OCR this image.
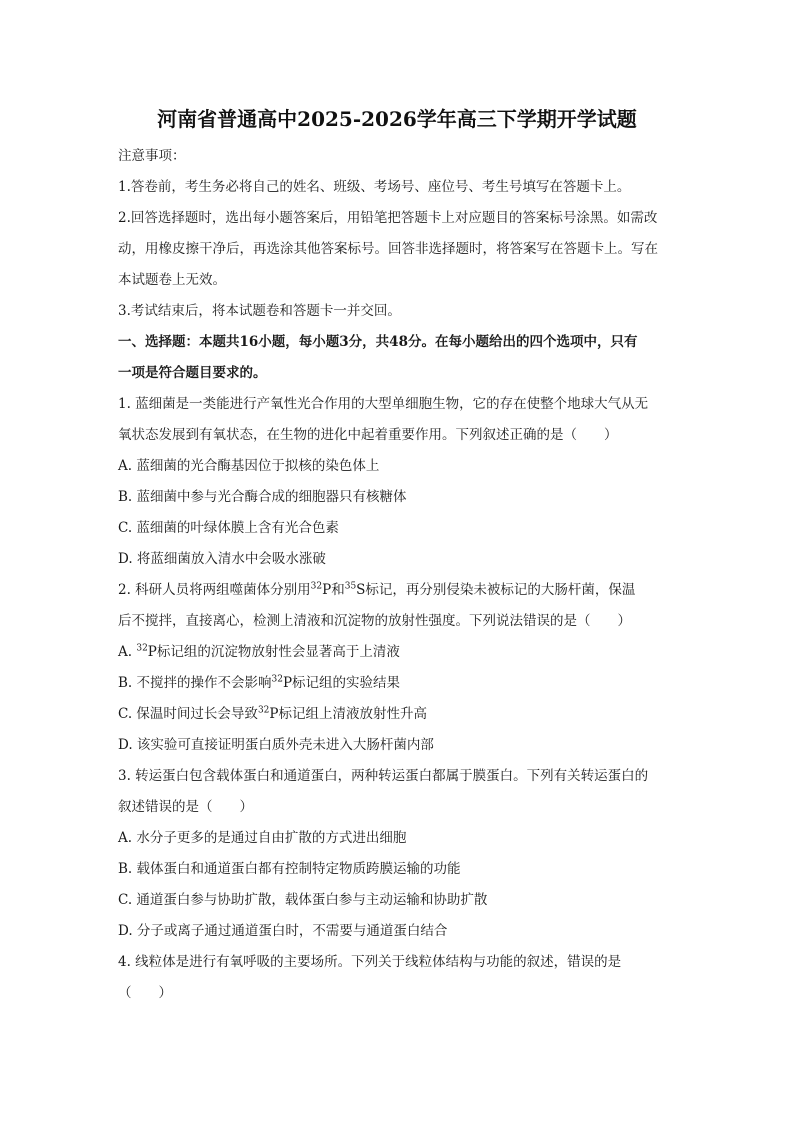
河南省普通高中2025-2026学年高三下学期开学试题
注意事项：
1.答卷前，考生务必将自己的姓名、班级、考场号、座位号、考生号填写在答题卡上。
2.回答选择题时，选出每小题答案后，用铅笔把答题卡上对应题目的答案标号涂黑。如需改
动，用橡皮擦干净后，再选涂其他答案标号。回答非选择题时，将答案写在答题卡上。写在
本试题卷上无效。
3.考试结束后，将本试题卷和答题卡一并交回。
一、选择题：本题共16小题，每小题3分，共48分。在每小题给出的四个选项中，只有
一项是符合题目要求的。
1. 蓝细菌是一类能进行产氧性光合作用的大型单细胞生物，它的存在使整个地球大气从无
氧状态发展到有氧状态，在生物的进化中起着重要作用。下列叙述正确的是（　　）
A. 蓝细菌的光合酶基因位于拟核的染色体上
B. 蓝细菌中参与光合酶合成的细胞器只有核糖体
C. 蓝细菌的叶绿体膜上含有光合色素
D. 将蓝细菌放入清水中会吸水涨破
2. 科研人员将两组噬菌体分别用$^{32}$P和$^{35}$S标记，再分别侵染未被标记的大肠杆菌，保温
后不搅拌，直接离心，检测上清液和沉淀物的放射性强度。下列说法错误的是（　　）
A. $^{32}$P标记组的沉淀物放射性会显著高于上清液
B. 不搅拌的操作不会影响$^{32}$P标记组的实验结果
C. 保温时间过长会导致$^{32}$P标记组上清液放射性升高
D. 该实验可直接证明蛋白质外壳未进入大肠杆菌内部
3. 转运蛋白包含载体蛋白和通道蛋白，两种转运蛋白都属于膜蛋白。下列有关转运蛋白的
叙述错误的是（　　）
A. 水分子更多的是通过自由扩散的方式进出细胞
B. 载体蛋白和通道蛋白都有控制特定物质跨膜运输的功能
C. 通道蛋白参与协助扩散，载体蛋白参与主动运输和协助扩散
D. 分子或离子通过通道蛋白时，不需要与通道蛋白结合
4. 线粒体是进行有氧呼吸的主要场所。下列关于线粒体结构与功能的叙述，错误的是
（　　）
